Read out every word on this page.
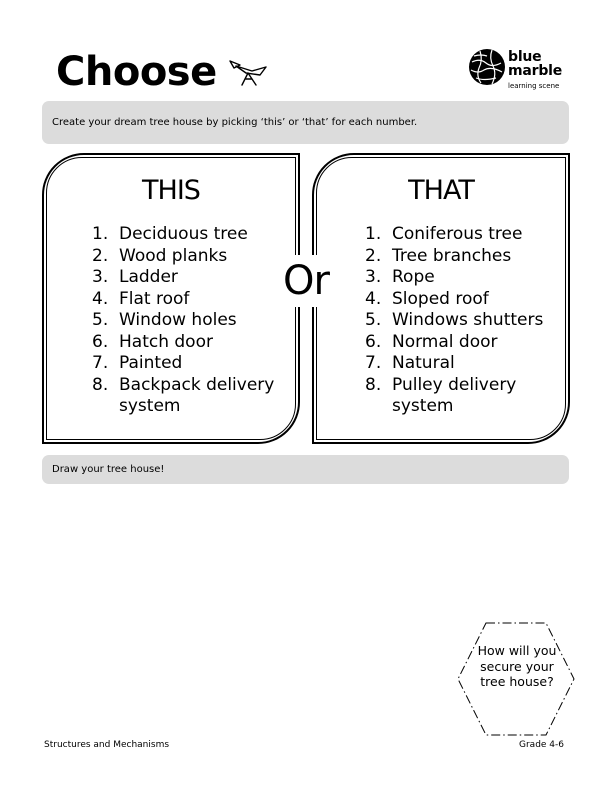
Choose	blue
marble
learning scene
Create your dream tree house by picking ‘this’ or ‘that’ for each number.
THIS
1. Deciduous tree
2. Wood planks
3. Ladder
4. Flat roof
5. Window holes
6. Hatch door
7. Painted
8. Backpack delivery system
THAT
1. Coniferous tree
2. Tree branches
3. Rope
4. Sloped roof
5. Windows shutters
6. Normal door
7. Natural
8. Pulley delivery system
Or
Draw your tree house!
How will you secure your tree house?
Structures and Mechanisms	Grade 4-6
